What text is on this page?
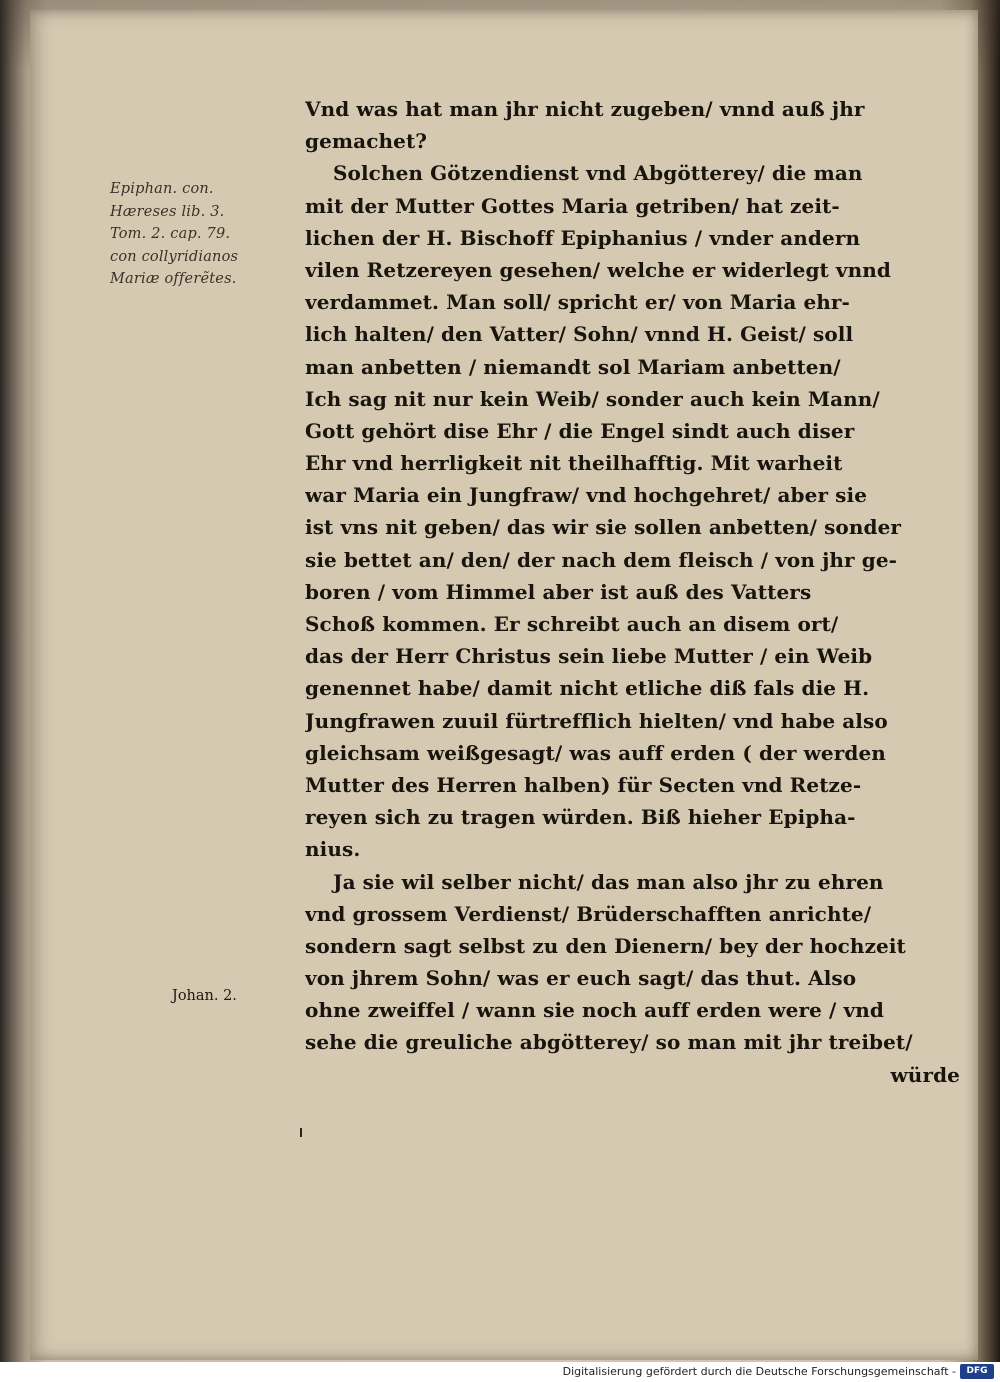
Epiphan. con.
Hæreses lib. 3.
Tom. 2. cap. 79.
con collyridianos
Mariæ offerẽtes.
Johan. 2.
Vnd was hat man jhr nicht zugeben/ vnnd auß jhr
gemachet?
Solchen Götzendienst vnd Abgötterey/ die man
mit der Mutter Gottes Maria getriben/ hat zeit-
lichen der H. Bischoff Epiphanius / vnder andern
vilen Retzereyen gesehen/ welche er widerlegt vnnd
verdammet. Man soll/ spricht er/ von Maria ehr-
lich halten/ den Vatter/ Sohn/ vnnd H. Geist/ soll
man anbetten / niemandt sol Mariam anbetten/
Ich sag nit nur kein Weib/ sonder auch kein Mann/
Gott gehört dise Ehr / die Engel sindt auch diser
Ehr vnd herrligkeit nit theilhafftig. Mit warheit
war Maria ein Jungfraw/ vnd hochgehret/ aber sie
ist vns nit geben/ das wir sie sollen anbetten/ sonder
sie bettet an/ den/ der nach dem fleisch / von jhr ge-
boren / vom Himmel aber ist auß des Vatters
Schoß kommen. Er schreibt auch an disem ort/
das der Herr Christus sein liebe Mutter / ein Weib
genennet habe/ damit nicht etliche diß fals die H.
Jungfrawen zuuil fürtrefflich hielten/ vnd habe also
gleichsam weißgesagt/ was auff erden ( der werden
Mutter des Herren halben) für Secten vnd Retze-
reyen sich zu tragen würden. Biß hieher Epipha-
nius.
Ja sie wil selber nicht/ das man also jhr zu ehren
vnd grossem Verdienst/ Brüderschafften anrichte/
sondern sagt selbst zu den Dienern/ bey der hochzeit
von jhrem Sohn/ was er euch sagt/ das thut. Also
ohne zweiffel / wann sie noch auff erden were / vnd
sehe die greuliche abgötterey/ so man mit jhr treibet/
würde
Digitalisierung gefördert durch die Deutsche Forschungsgemeinschaft -	DFG
